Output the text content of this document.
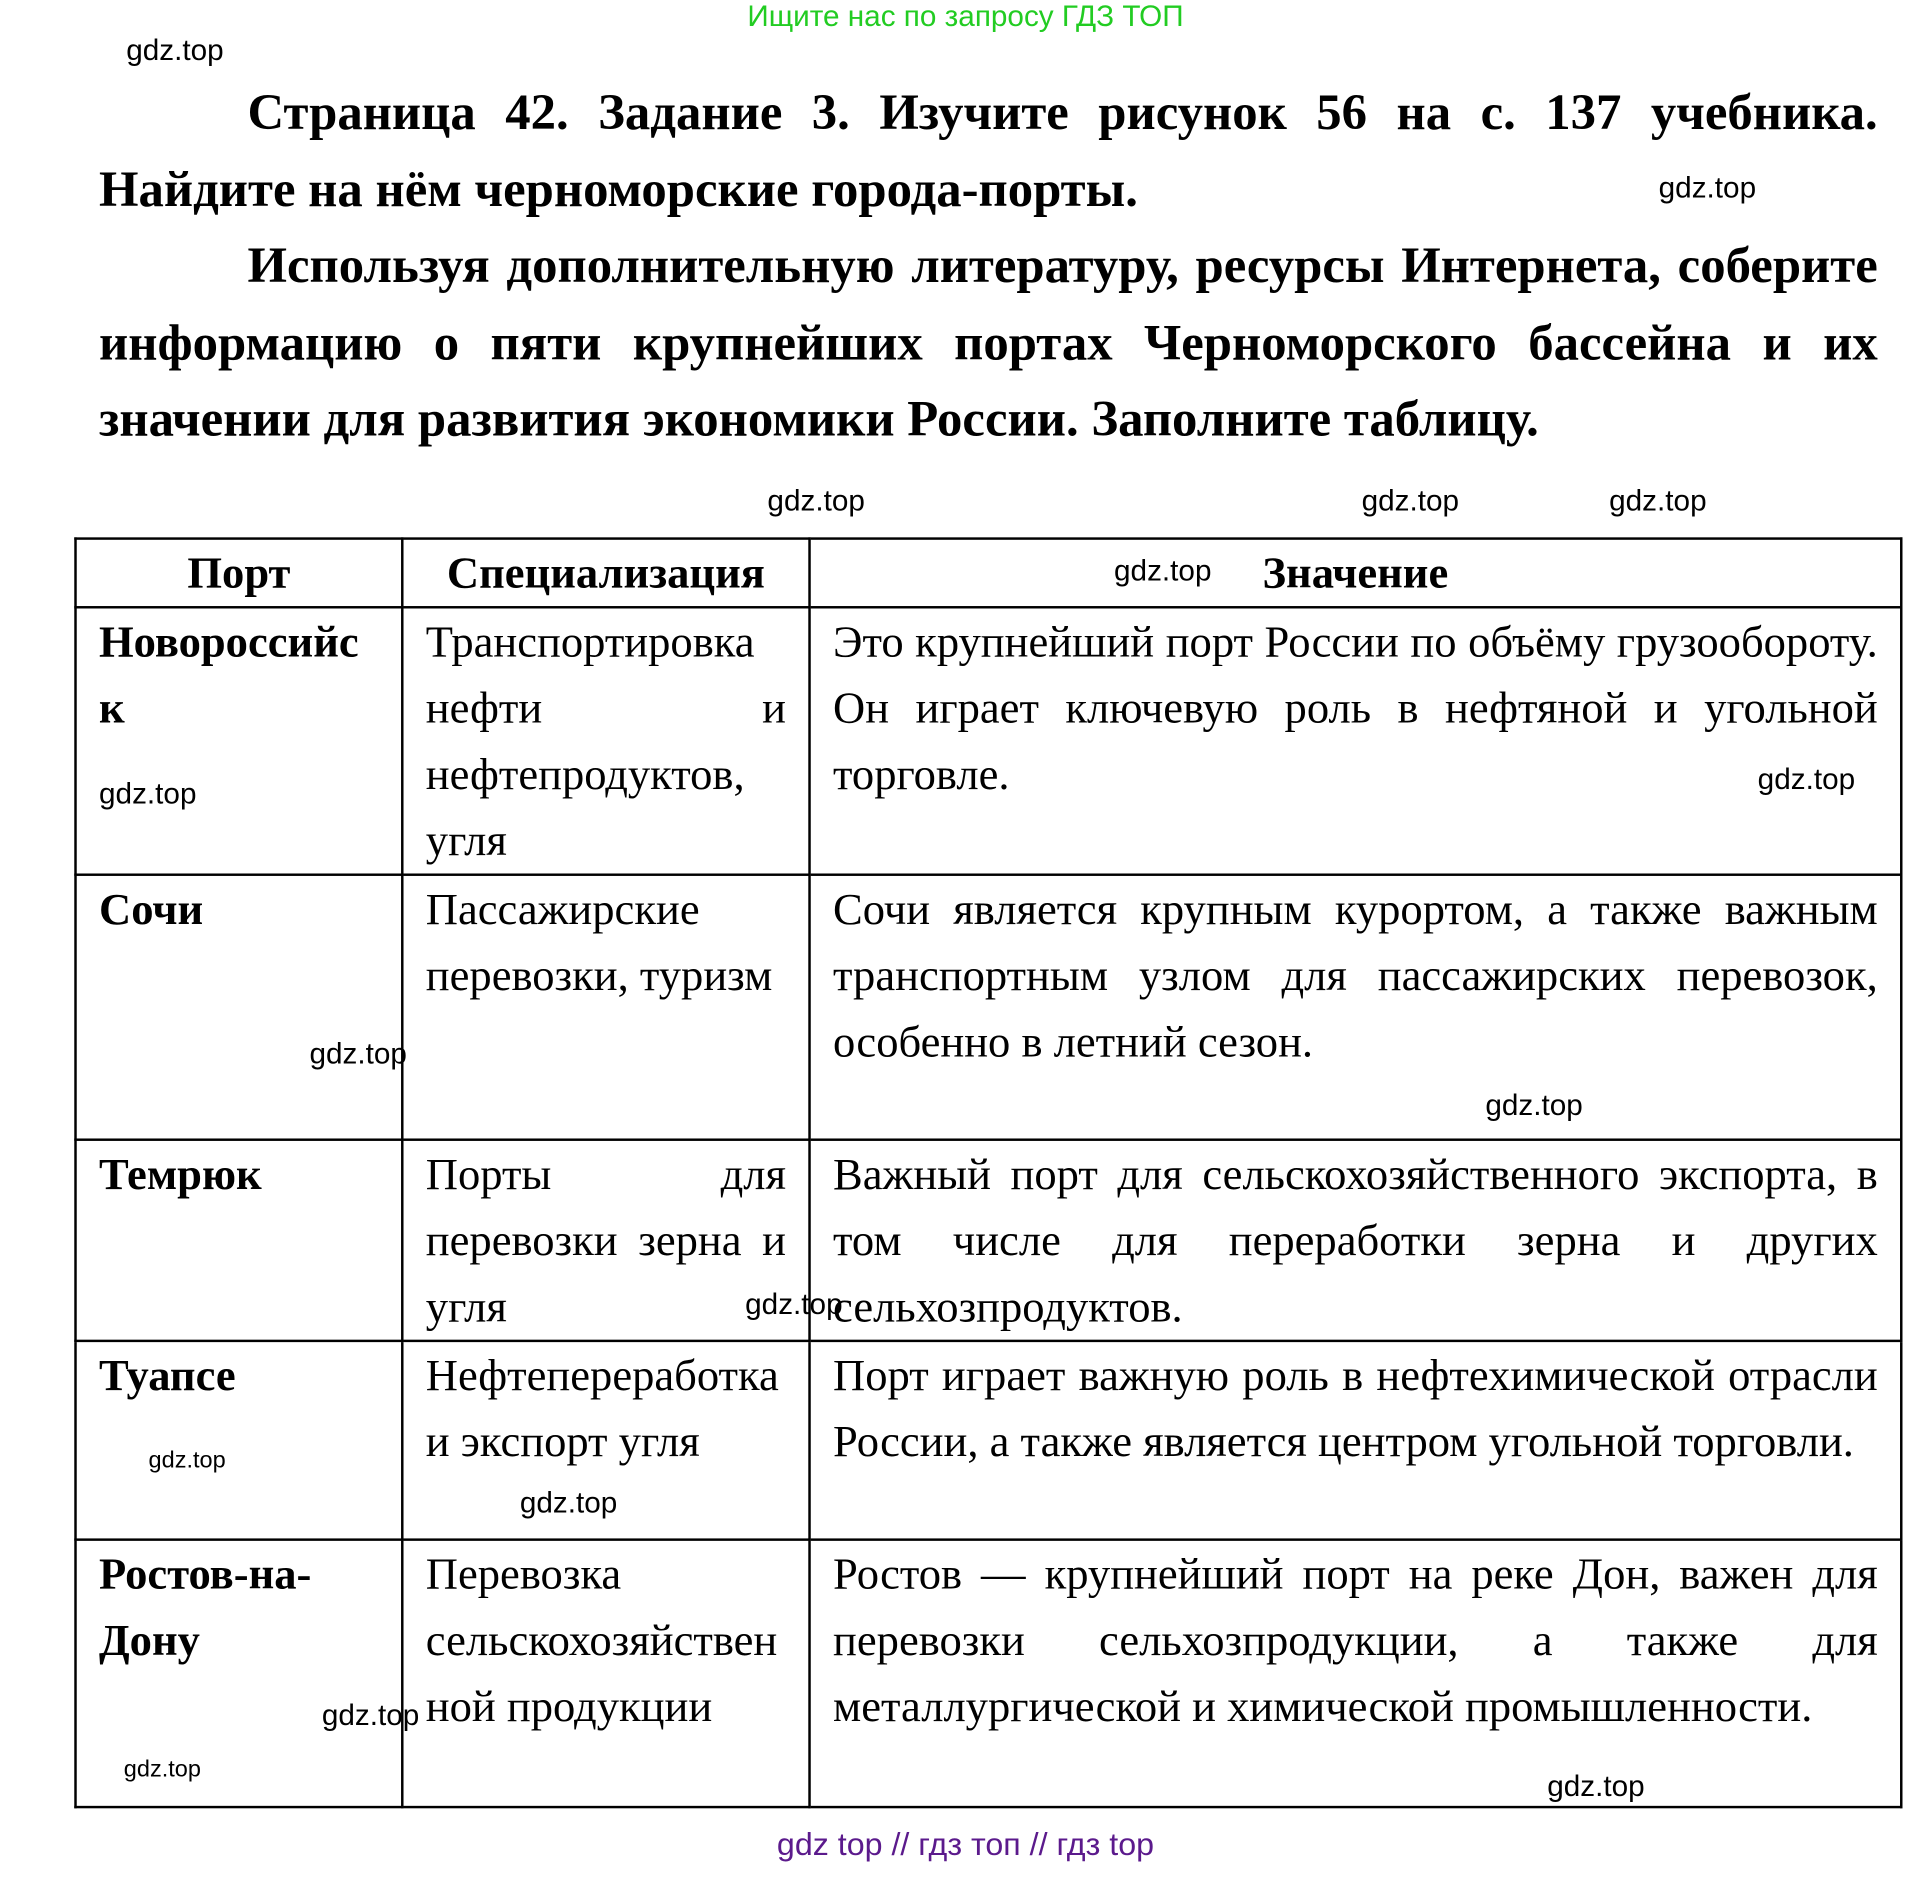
Ищите нас по запросу ГДЗ ТОП

Страница 42. Задание 3. Изучите рисунок 56 на с. 137 учебника. Найдите на нём черноморские города-порты.

Используя дополнительную литературу, ресурсы Интернета, соберите информацию о пяти крупнейших портах Черноморского бассейна и их значении для развития экономики России. Заполните таблицу.

Порт	Специализация	Значение
Новороссийск	Транспортировка нефти и нефтепродуктов, угля	Это крупнейший порт России по объёму грузообороту. Он играет ключевую роль в нефтяной и угольной торговле.
Сочи	Пассажирские перевозки, туризм	Сочи является крупным курортом, а также важным транспортным узлом для пассажирских перевозок, особенно в летний сезон.
Темрюк	Порты для перевозки зерна и угля	Важный порт для сельскохозяйственного экспорта, в том числе для переработки зерна и других сельхозпродуктов.
Туапсе	Нефтепереработка и экспорт угля	Порт играет важную роль в нефтехимической отрасли России, а также является центром угольной торговли.
Ростов-на-Дону	Перевозка сельскохозяйственной продукции	Ростов — крупнейший порт на реке Дон, важен для перевозки сельхозпродукции, а также для металлургической и химической промышленности.
gdz.top
gdz.top
gdz.top	gdz.top
gdz.top
gdz.top
gdz.top
gdz.top
gdz.top
gdz.top
gdz.top
gdz.top
gdz.top
gdz.top
gdz.top
gdz.top
gdz top // гдз топ // гдз top
